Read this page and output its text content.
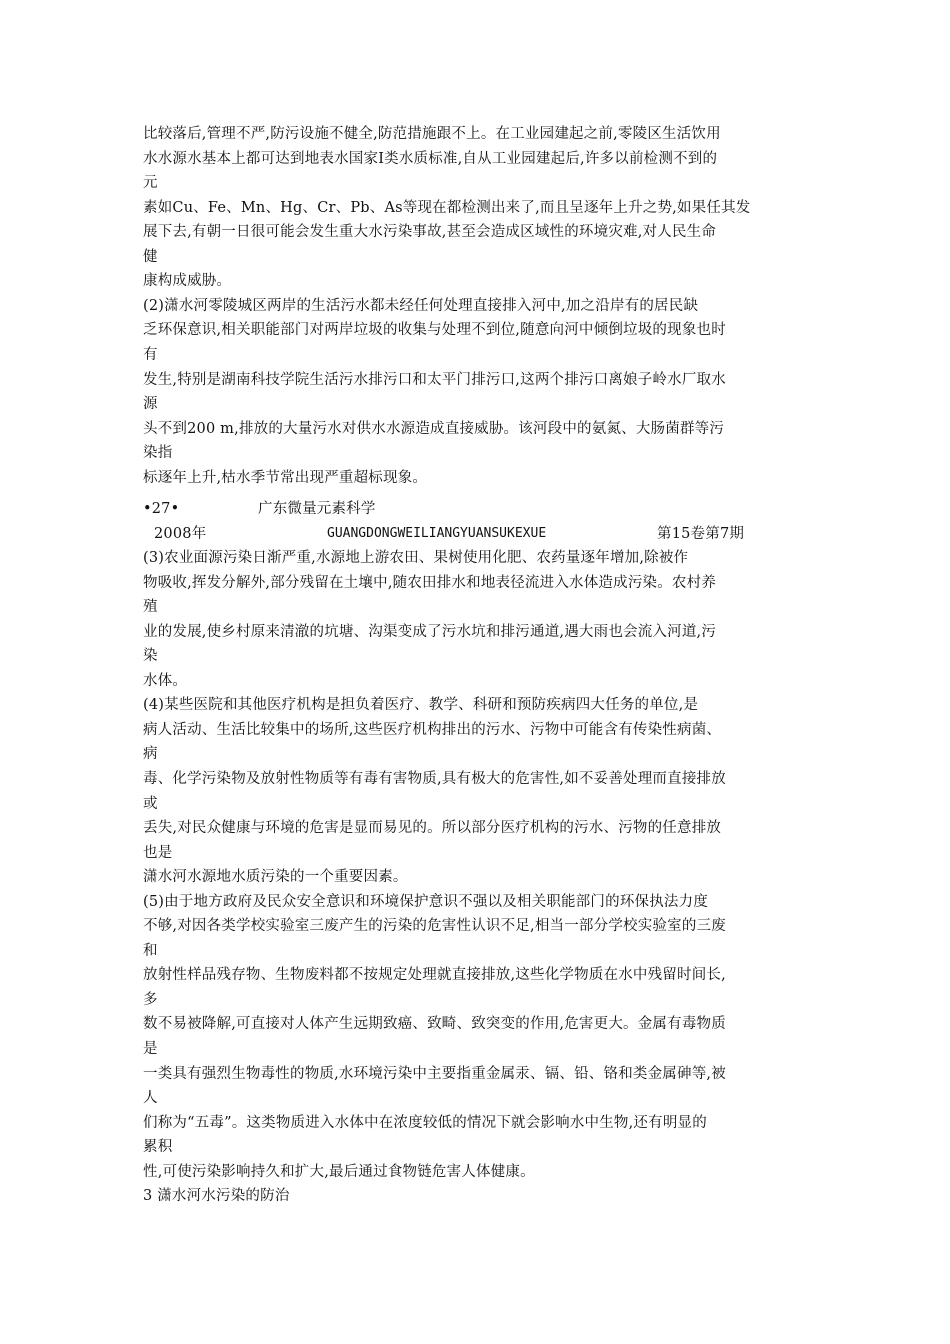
比较落后,管理不严,防污设施不健全,防范措施跟不上。在工业园建起之前,零陵区生活饮用
水水源水基本上都可达到地表水国家Ⅰ类水质标准,自从工业园建起后,许多以前检测不到的
元
素如Cu、Fe、Mn、Hg、Cr、Pb、As等现在都检测出来了,而且呈逐年上升之势,如果任其发
展下去,有朝一日很可能会发生重大水污染事故,甚至会造成区域性的环境灾难,对人民生命
健
康构成威胁。
(2)潇水河零陵城区两岸的生活污水都未经任何处理直接排入河中,加之沿岸有的居民缺
乏环保意识,相关职能部门对两岸垃圾的收集与处理不到位,随意向河中倾倒垃圾的现象也时
有
发生,特别是湖南科技学院生活污水排污口和太平门排污口,这两个排污口离娘子岭水厂取水
源
头不到200 m,排放的大量污水对供水水源造成直接威胁。该河段中的氨氮、大肠菌群等污
染指
标逐年上升,枯水季节常出现严重超标现象。
•27•	广东微量元素科学
2008年	GUANGDONGWEILIANGYUANSUKEXUE	第15卷第7期
(3)农业面源污染日渐严重,水源地上游农田、果树使用化肥、农药量逐年增加,除被作
物吸收,挥发分解外,部分残留在土壤中,随农田排水和地表径流进入水体造成污染。农村养
殖
业的发展,使乡村原来清澈的坑塘、沟渠变成了污水坑和排污通道,遇大雨也会流入河道,污
染
水体。
(4)某些医院和其他医疗机构是担负着医疗、教学、科研和预防疾病四大任务的单位,是
病人活动、生活比较集中的场所,这些医疗机构排出的污水、污物中可能含有传染性病菌、
病
毒、化学污染物及放射性物质等有毒有害物质,具有极大的危害性,如不妥善处理而直接排放
或
丢失,对民众健康与环境的危害是显而易见的。所以部分医疗机构的污水、污物的任意排放
也是
潇水河水源地水质污染的一个重要因素。
(5)由于地方政府及民众安全意识和环境保护意识不强以及相关职能部门的环保执法力度
不够,对因各类学校实验室三废产生的污染的危害性认识不足,相当一部分学校实验室的三废
和
放射性样品残存物、生物废料都不按规定处理就直接排放,这些化学物质在水中残留时间长,
多
数不易被降解,可直接对人体产生远期致癌、致畸、致突变的作用,危害更大。金属有毒物质
是
一类具有强烈生物毒性的物质,水环境污染中主要指重金属汞、镉、铅、铬和类金属砷等,被
人
们称为“五毒”。这类物质进入水体中在浓度较低的情况下就会影响水中生物,还有明显的
累积
性,可使污染影响持久和扩大,最后通过食物链危害人体健康。
3 潇水河水污染的防治
